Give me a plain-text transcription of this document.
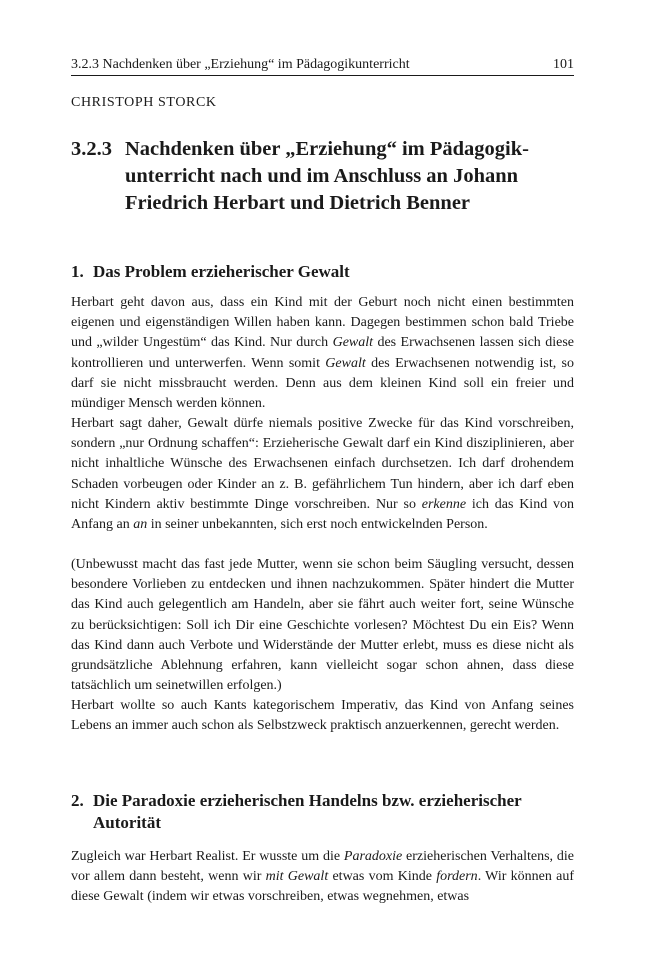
3.2.3 Nachdenken über „Erziehung“ im Pädagogikunterricht	101
CHRISTOPH STORCK
3.2.3 Nachdenken über „Erziehung“ im Pädagogikunterricht nach und im Anschluss an Johann Friedrich Herbart und Dietrich Benner
1. Das Problem erzieherischer Gewalt

Herbart geht davon aus, dass ein Kind mit der Geburt noch nicht einen bestimmten eigenen und eigenständigen Willen haben kann. Dagegen bestimmen schon bald Triebe und „wilder Ungestüm“ das Kind. Nur durch Gewalt des Erwachsenen lassen sich diese kontrollieren und unterwerfen. Wenn somit Gewalt des Erwachsenen notwendig ist, so darf sie nicht missbraucht werden. Denn aus dem kleinen Kind soll ein freier und mündiger Mensch werden können.

Herbart sagt daher, Gewalt dürfe niemals positive Zwecke für das Kind vorschreiben, sondern „nur Ordnung schaffen“: Erzieherische Gewalt darf ein Kind disziplinieren, aber nicht inhaltliche Wünsche des Erwachsenen einfach durchsetzen. Ich darf drohendem Schaden vorbeugen oder Kinder an z. B. gefährlichem Tun hindern, aber ich darf eben nicht Kindern aktiv bestimmte Dinge vorschreiben. Nur so erkenne ich das Kind von Anfang an an in seiner unbekannten, sich erst noch entwickelnden Person.

(Unbewusst macht das fast jede Mutter, wenn sie schon beim Säugling versucht, dessen besondere Vorlieben zu entdecken und ihnen nachzukommen. Später hindert die Mutter das Kind auch gelegentlich am Handeln, aber sie fährt auch weiter fort, seine Wünsche zu berücksichtigen: Soll ich Dir eine Geschichte vorlesen? Möchtest Du ein Eis? Wenn das Kind dann auch Verbote und Widerstände der Mutter erlebt, muss es diese nicht als grundsätzliche Ablehnung erfahren, kann vielleicht sogar schon ahnen, dass diese tatsächlich um seinetwillen erfolgen.)

Herbart wollte so auch Kants kategorischem Imperativ, das Kind von Anfang seines Lebens an immer auch schon als Selbstzweck praktisch anzuerkennen, gerecht werden.

2. Die Paradoxie erzieherischen Handelns bzw. erzieherischer Autorität

Zugleich war Herbart Realist. Er wusste um die Paradoxie erzieherischen Verhaltens, die vor allem dann besteht, wenn wir mit Gewalt etwas vom Kinde fordern. Wir können auf diese Gewalt (indem wir etwas vorschreiben, etwas wegnehmen, etwas
